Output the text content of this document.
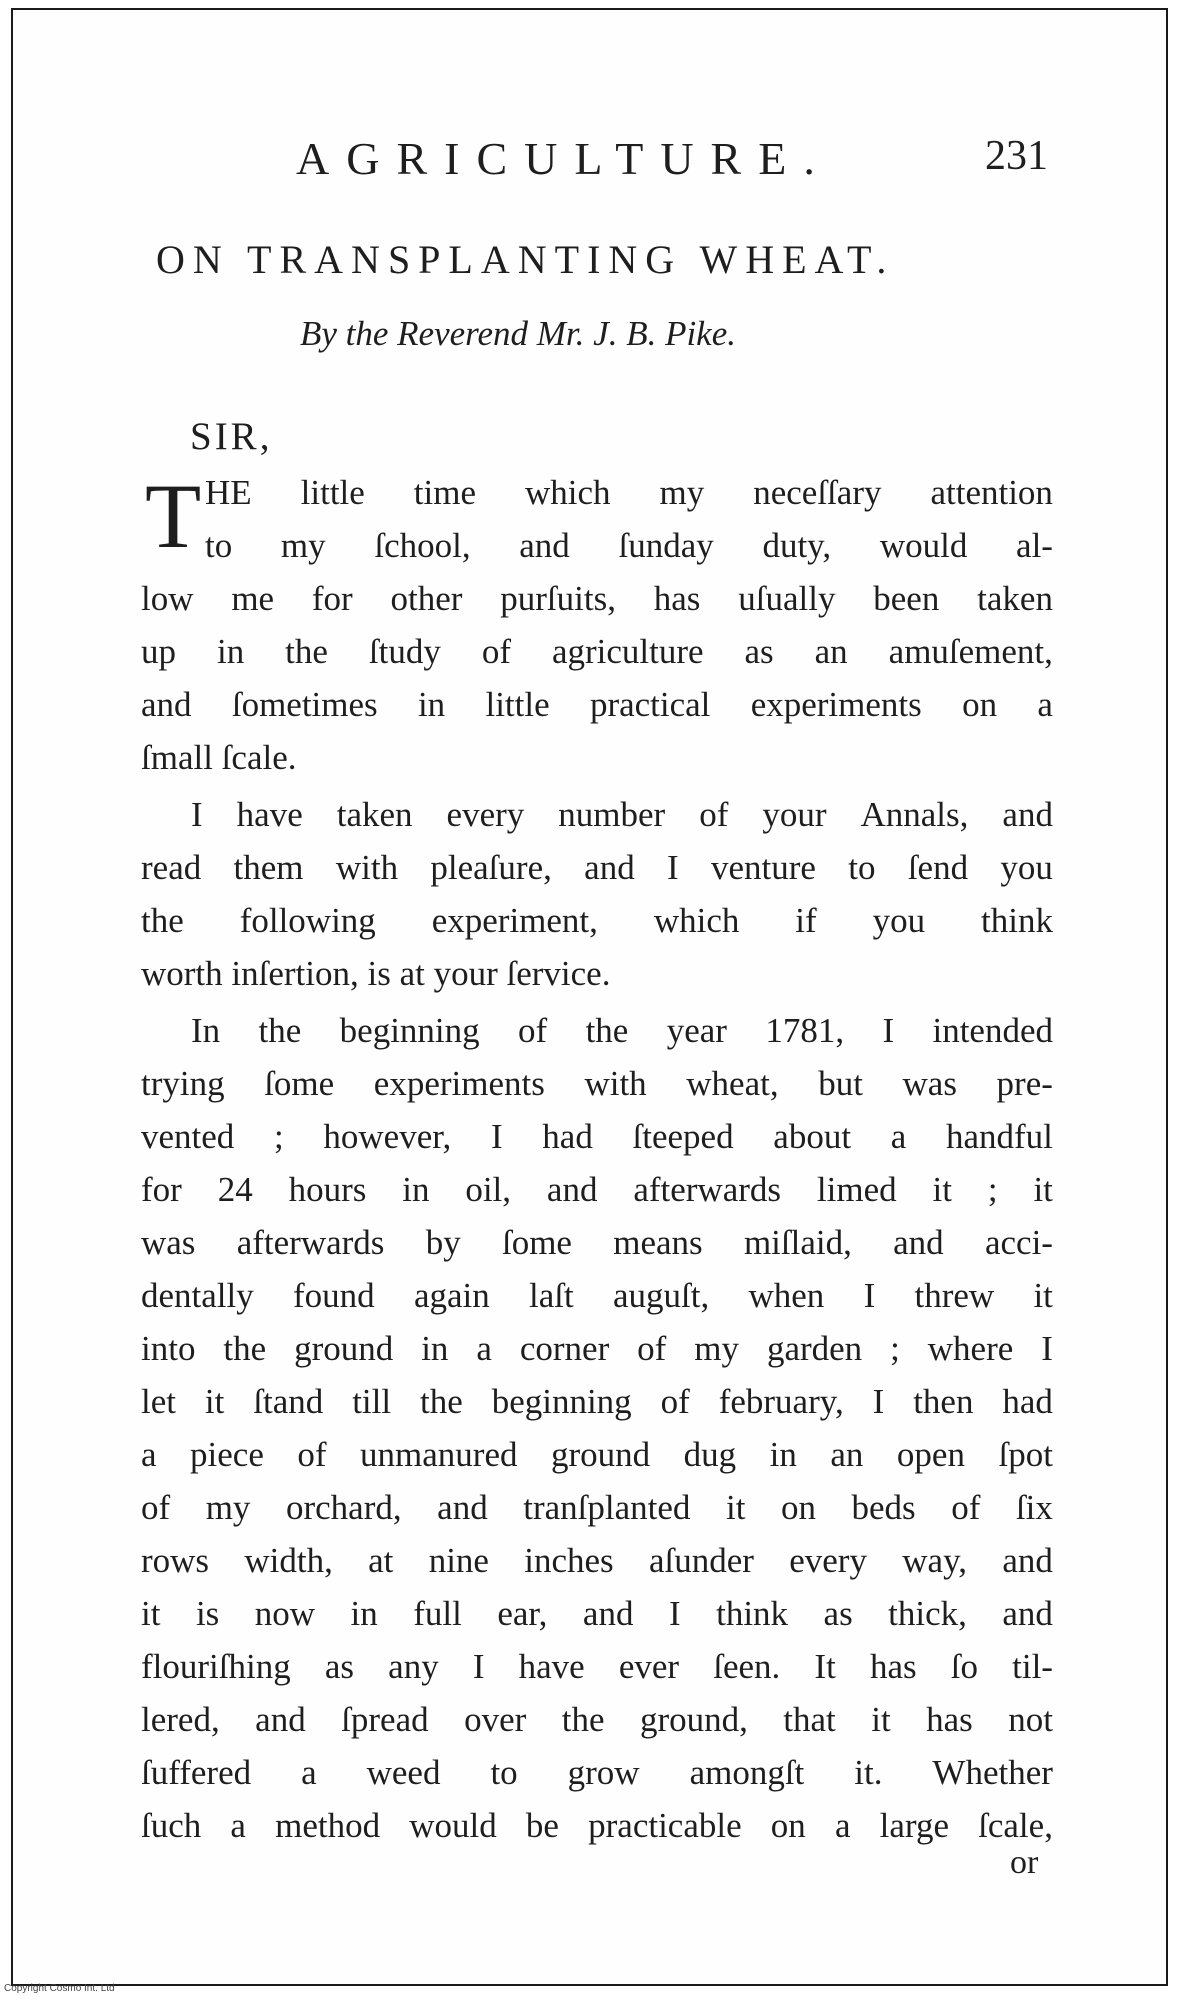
AGRICULTURE.	231
ON TRANSPLANTING WHEAT.
By the Reverend Mr. J. B. Pike.
SIR,
T HE little time which my neceſſary attention
to my ſchool, and ſunday duty, would al-
low me for other purſuits, has uſually been taken
up in the ſtudy of agriculture as an amuſement,
and ſometimes in little practical experiments on a
ſmall ſcale.
I have taken every number of your Annals, and
read them with pleaſure, and I venture to ſend you
the following experiment, which if you think
worth inſertion, is at your ſervice.
In the beginning of the year 1781, I intended
trying ſome experiments with wheat, but was pre-
vented ; however, I had ſteeped about a handful
for 24 hours in oil, and afterwards limed it ; it
was afterwards by ſome means miſlaid, and acci-
dentally found again laſt auguſt, when I threw it
into the ground in a corner of my garden ; where I
let it ſtand till the beginning of february, I then had
a piece of unmanured ground dug in an open ſpot
of my orchard, and tranſplanted it on beds of ſix
rows width, at nine inches aſunder every way, and
it is now in full ear, and I think as thick, and
flouriſhing as any I have ever ſeen. It has ſo til-
lered, and ſpread over the ground, that it has not
ſuffered a weed to grow amongſt it. Whether
ſuch a method would be practicable on a large ſcale,
or
Copyright Cosmo Int. Ltd
